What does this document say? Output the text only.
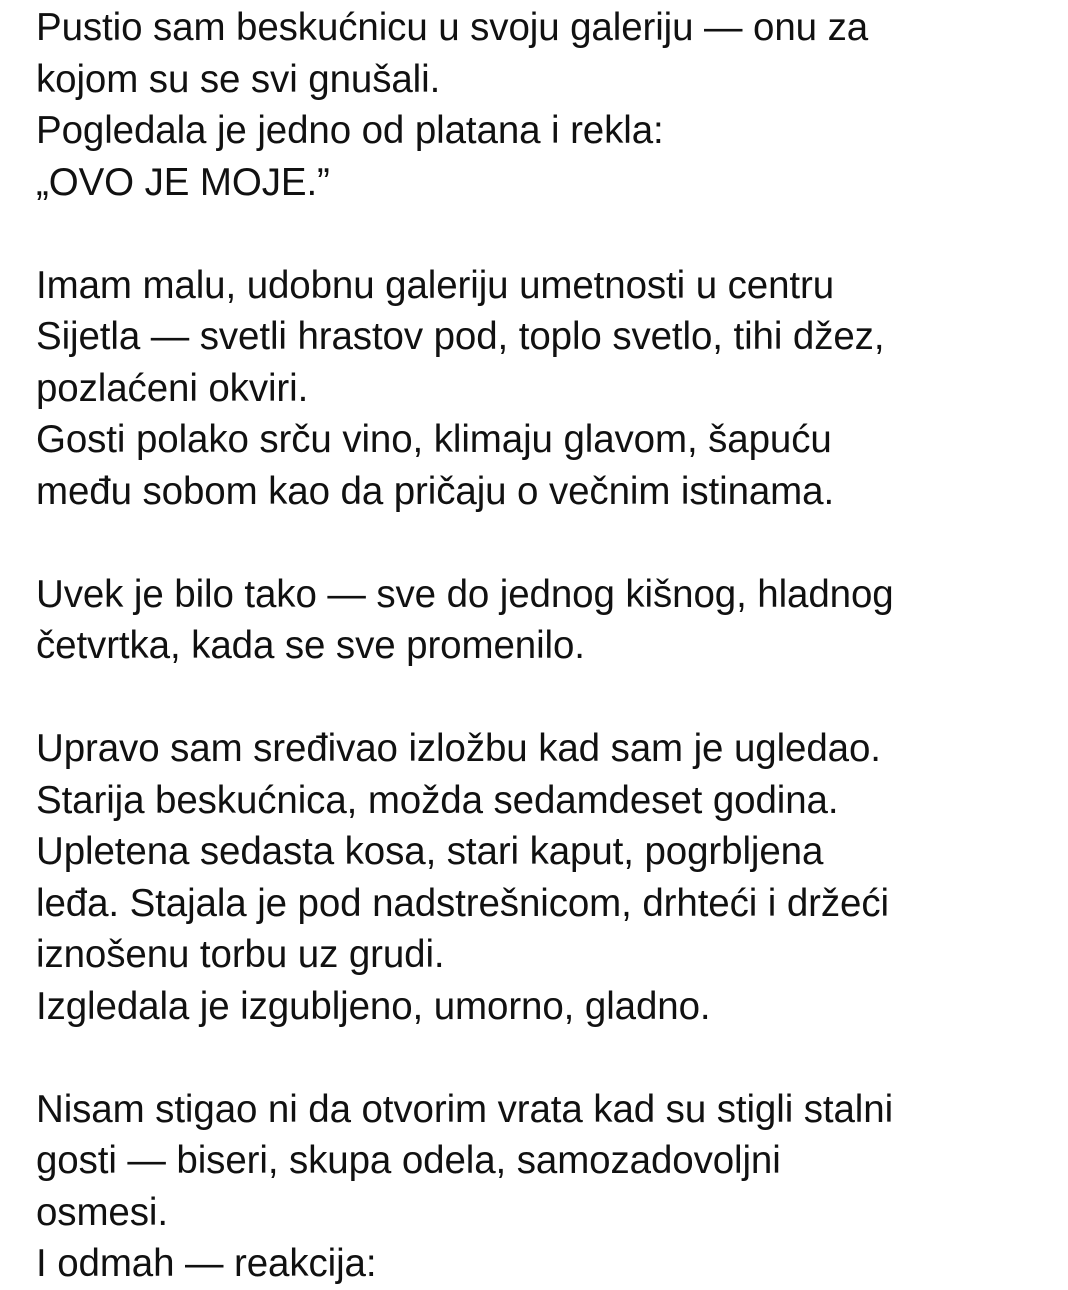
Pustio sam beskućnicu u svoju galeriju — onu za
kojom su se svi gnušali.
Pogledala je jedno od platana i rekla:
„OVO JE MOJE.”
Imam malu, udobnu galeriju umetnosti u centru
Sijetla — svetli hrastov pod, toplo svetlo, tihi džez,
pozlaćeni okviri.
Gosti polako srču vino, klimaju glavom, šapuću
među sobom kao da pričaju o večnim istinama.
Uvek je bilo tako — sve do jednog kišnog, hladnog
četvrtka, kada se sve promenilo.
Upravo sam sređivao izložbu kad sam je ugledao.
Starija beskućnica, možda sedamdeset godina.
Upletena sedasta kosa, stari kaput, pogrbljena
leđa. Stajala je pod nadstrešnicom, drhteći i držeći
iznošenu torbu uz grudi.
Izgledala je izgubljeno, umorno, gladno.
Nisam stigao ni da otvorim vrata kad su stigli stalni
gosti — biseri, skupa odela, samozadovoljni
osmesi.
I odmah — reakcija:
